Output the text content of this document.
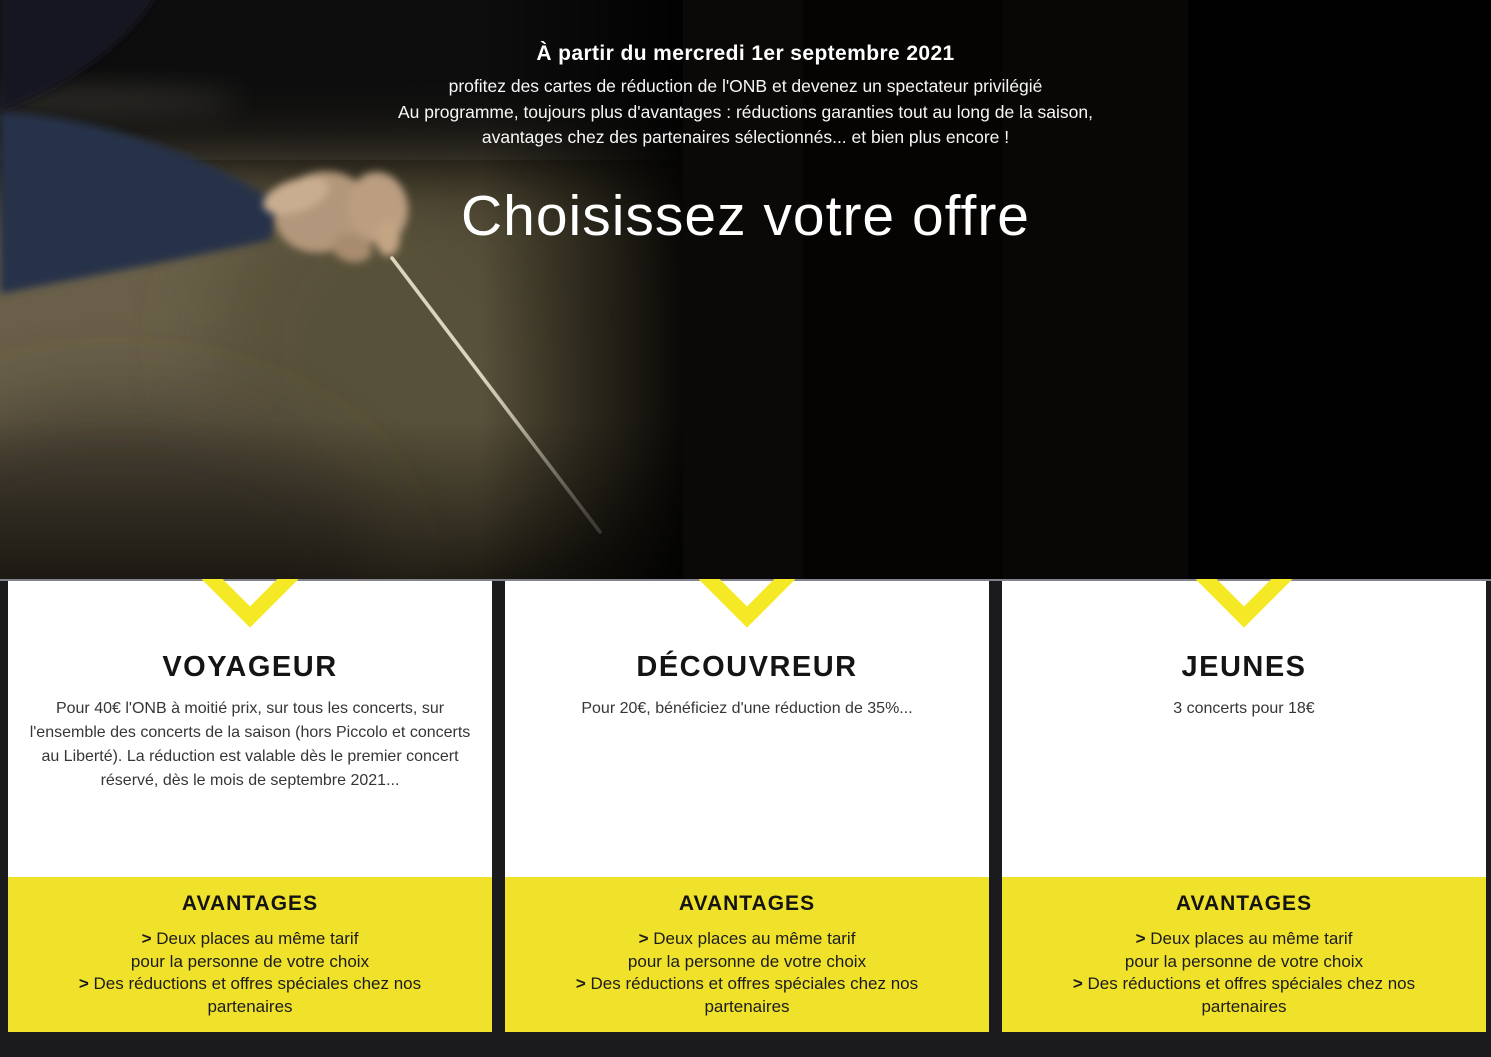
À partir du mercredi 1er septembre 2021
profitez des cartes de réduction de l'ONB et devenez un spectateur privilégié
Au programme, toujours plus d'avantages : réductions garanties tout au long de la saison,
avantages chez des partenaires sélectionnés... et bien plus encore !
Choisissez votre offre
VOYAGEUR

Pour 40€ l'ONB à moitié prix, sur tous les concerts, sur l'ensemble des concerts de la saison (hors Piccolo et concerts au Liberté). La réduction est valable dès le premier concert réservé, dès le mois de septembre 2021...

AVANTAGES
> Deux places au même tarif
pour la personne de votre choix
> Des réductions et offres spéciales chez nos
partenaires
DÉCOUVREUR

Pour 20€, bénéficiez d'une réduction de 35%...

AVANTAGES
> Deux places au même tarif
pour la personne de votre choix
> Des réductions et offres spéciales chez nos
partenaires
JEUNES

3 concerts pour 18€

AVANTAGES
> Deux places au même tarif
pour la personne de votre choix
> Des réductions et offres spéciales chez nos
partenaires
